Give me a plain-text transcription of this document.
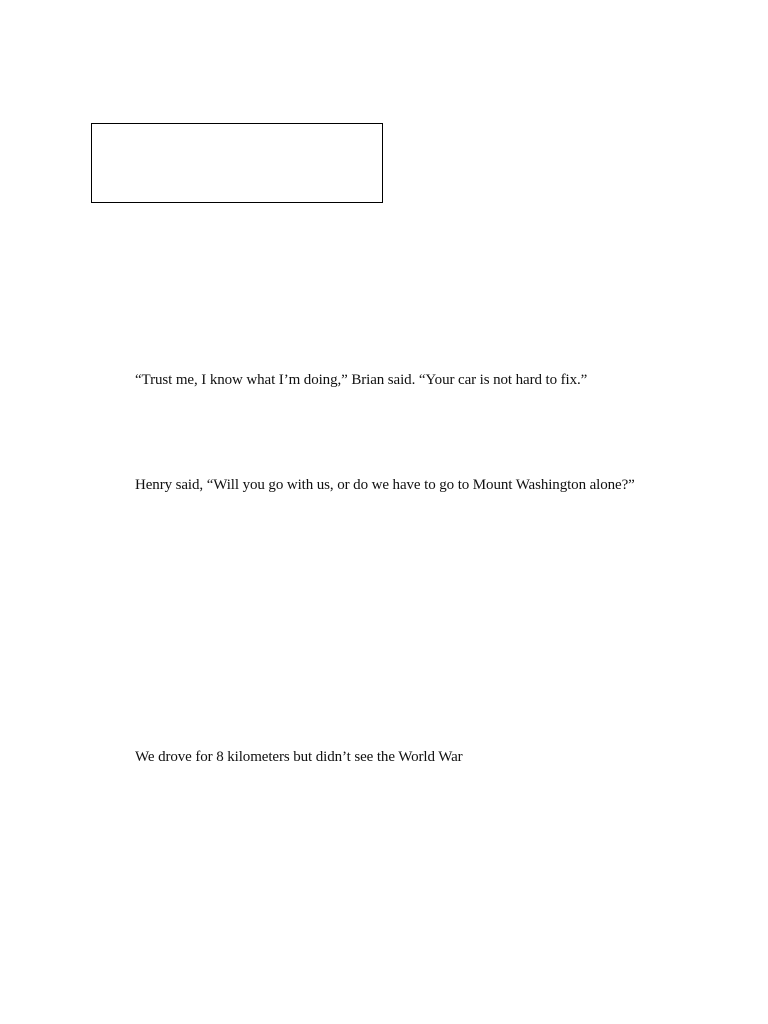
“Trust me, I know what I’m doing,” Brian said. “Your car is not hard to fix.”
Henry said, “Will you go with us, or do we have to go to Mount Washington alone?”
We drove for 8 kilometers but didn’t see the World War
